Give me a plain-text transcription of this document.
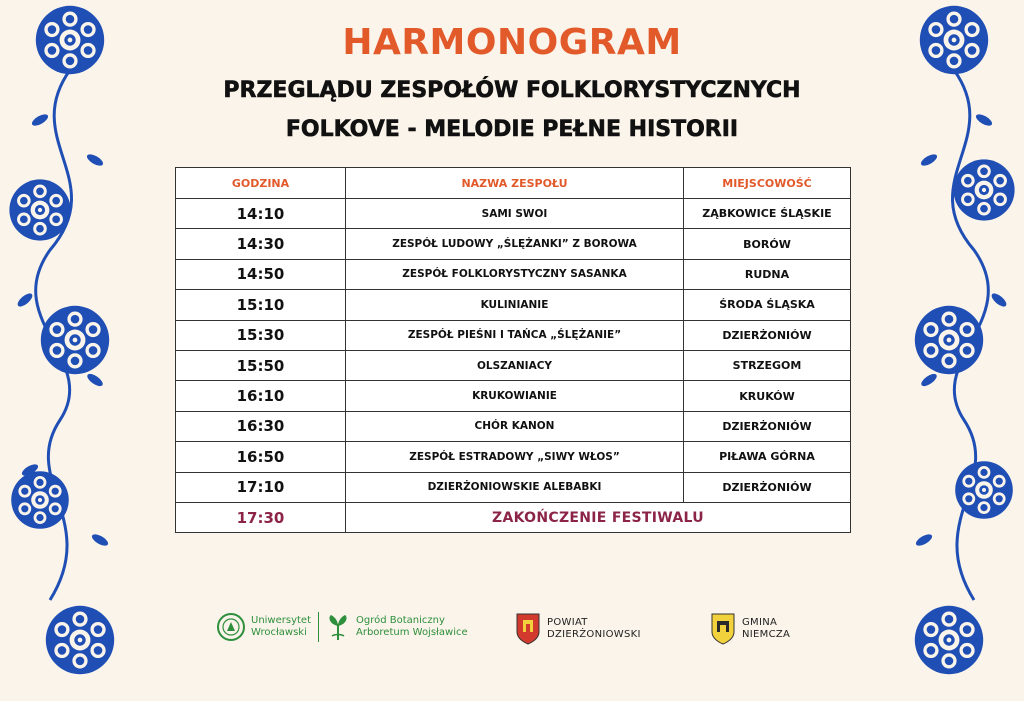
HARMONOGRAM
PRZEGLĄDU ZESPOŁÓW FOLKLORYSTYCZNYCH
FOLKOVE - MELODIE PEŁNE HISTORII
GODZINA	NAZWA ZESPOŁU	MIEJSCOWOŚĆ
14:10	SAMI SWOI	ZĄBKOWICE ŚLĄSKIE
14:30	ZESPÓŁ LUDOWY „ŚLĘŻANKI” Z BOROWA	BORÓW
14:50	ZESPÓŁ FOLKLORYSTYCZNY SASANKA	RUDNA
15:10	KULINIANIE	ŚRODA ŚLĄSKA
15:30	ZESPÓŁ PIEŚNI I TAŃCA „ŚLĘŻANIE”	DZIERŻONIÓW
15:50	OLSZANIACY	STRZEGOM
16:10	KRUKOWIANIE	KRUKÓW
16:30	CHÓR KANON	DZIERŻONIÓW
16:50	ZESPÓŁ ESTRADOWY „SIWY WŁOS”	PIŁAWA GÓRNA
17:10	DZIERŻONIOWSKIE ALEBABKI	DZIERŻONIÓW
17:30	ZAKOŃCZENIE FESTIWALU	
Uniwersytet
Wrocławski
Ogród Botaniczny
Arboretum Wojsławice
POWIAT
DZIERŻONIOWSKI
GMINA
NIEMCZA
